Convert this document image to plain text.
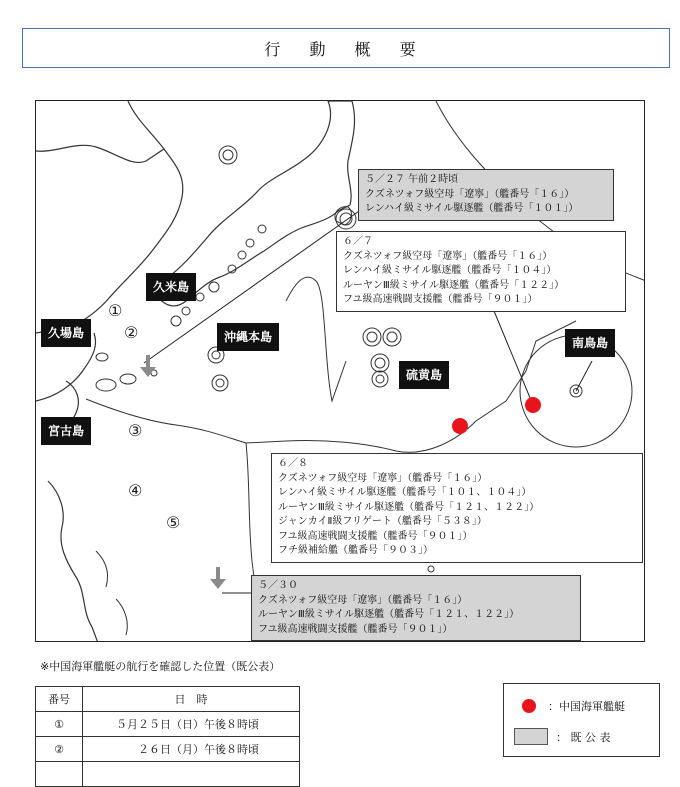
行 動 概 要
久米島
沖縄本島
久場島
宮古島
硫黄島
南鳥島
①
②
③
④
⑤
５／２７ 午前２時頃
クズネツォフ級空母「遼寧」（艦番号「１６」）
レンハイ級ミサイル駆逐艦（艦番号「１０１」）
６／７
クズネツォフ級空母「遼寧」（艦番号「１６」）
レンハイ級ミサイル駆逐艦（艦番号「１０４」）
ルーヤンⅢ級ミサイル駆逐艦（艦番号「１２２」）
フユ級高速戦闘支援艦（艦番号「９０１」）
６／８
クズネツォフ級空母「遼寧」（艦番号「１６」）
レンハイ級ミサイル駆逐艦（艦番号「１０１、１０４」）
ルーヤンⅢ級ミサイル駆逐艦（艦番号「１２１、１２２」）
ジャンカイⅡ級フリゲート（艦番号「５３８」）
フユ級高速戦闘支援艦（艦番号「９０１」）
フチ級補給艦（艦番号「９０３」）
５／３０
クズネツォフ級空母「遼寧」（艦番号「１６」）
ルーヤンⅢ級ミサイル駆逐艦（艦番号「１２１、１２２」）
フユ級高速戦闘支援艦（艦番号「９０１」）
※中国海軍艦艇の航行を確認した位置（既公表）
番号	日　時
①	５月２５日（日）午後８時頃
②	２６日（月）午後８時頃

：中国海軍艦艇
： 既 公 表
